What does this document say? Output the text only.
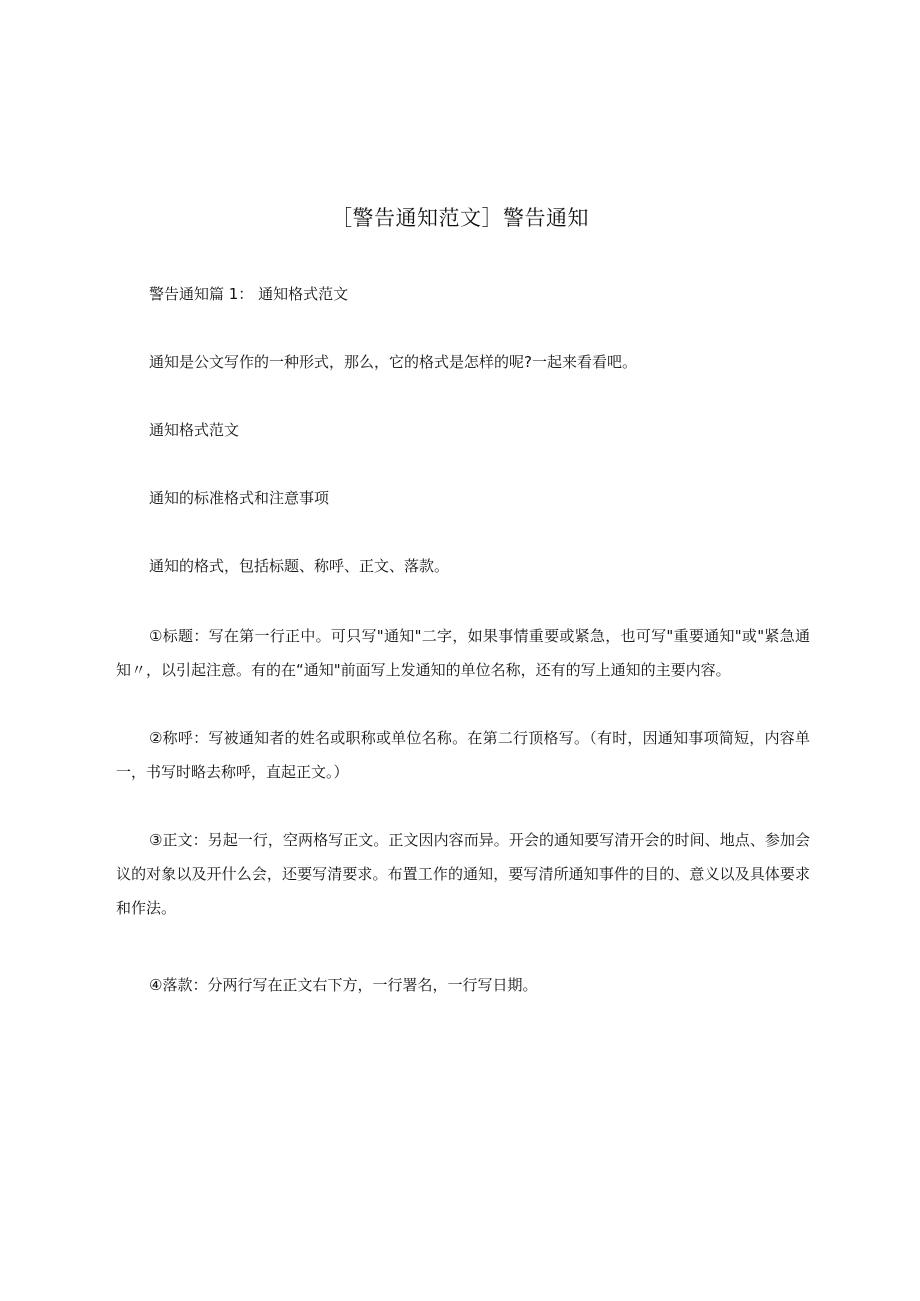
［警告通知范文］警告通知

警告通知篇 1： 通知格式范文

通知是公文写作的一种形式，那么，它的格式是怎样的呢?一起来看看吧。

通知格式范文

通知的标准格式和注意事项

通知的格式，包括标题、称呼、正文、落款。

①标题：写在第一行正中。可只写"通知"二字，如果事情重要或紧急，也可写"重要通知"或"紧急通知〃，以引起注意。有的在“通知"前面写上发通知的单位名称，还有的写上通知的主要内容。

②称呼：写被通知者的姓名或职称或单位名称。在第二行顶格写。（有时，因通知事项简短，内容单一，书写时略去称呼，直起正文。）

③正文：另起一行，空两格写正文。正文因内容而异。开会的通知要写清开会的时间、地点、参加会议的对象以及开什么会，还要写清要求。布置工作的通知，要写清所通知事件的目的、意义以及具体要求和作法。

④落款：分两行写在正文右下方，一行署名，一行写日期。
